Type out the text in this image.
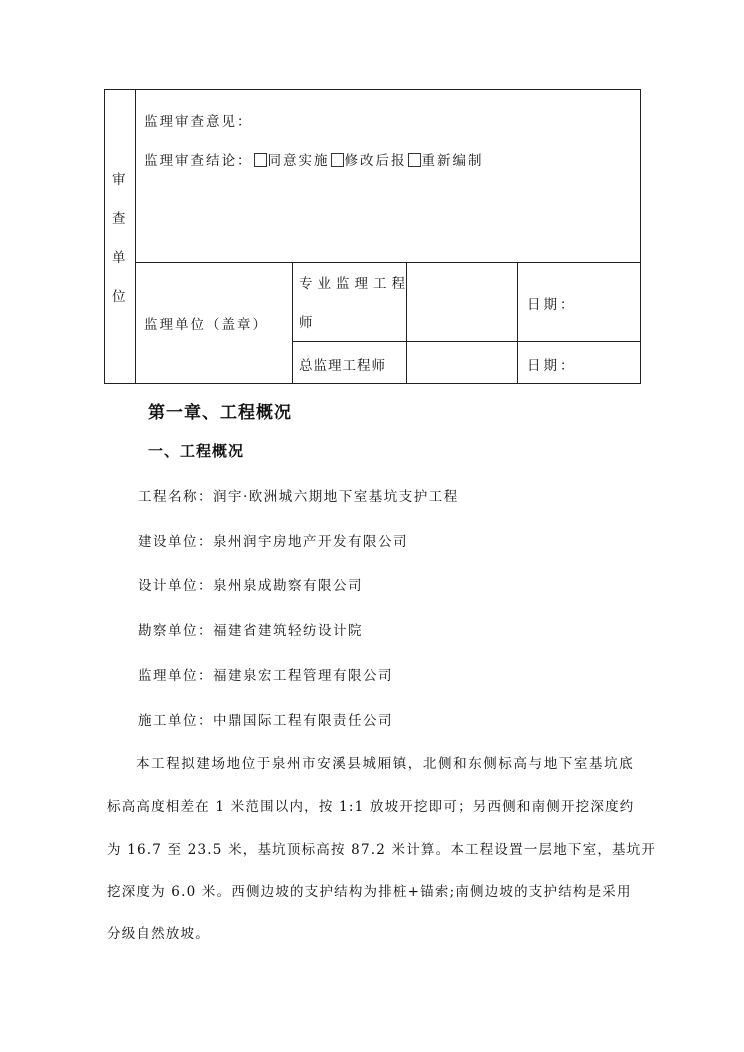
审
查
单
位
监理审查意见：
监理审查结论： 同意实施 修改后报 重新编制
监理单位（盖章）
专业监理工程
师
总监理工程师
日期：
日期：
第一章、工程概况
一、工程概况
工程名称：润宇·欧洲城六期地下室基坑支护工程
建设单位：泉州润宇房地产开发有限公司
设计单位：泉州泉成勘察有限公司
勘察单位：福建省建筑轻纺设计院
监理单位：福建泉宏工程管理有限公司
施工单位：中鼎国际工程有限责任公司
本工程拟建场地位于泉州市安溪县城厢镇，北侧和东侧标高与地下室基坑底
标高高度相差在 1 米范围以内，按 1:1 放坡开挖即可；另西侧和南侧开挖深度约
为 16.7 至 23.5 米，基坑顶标高按 87.2 米计算。本工程设置一层地下室，基坑开
挖深度为 6.0 米。西侧边坡的支护结构为排桩+锚索;南侧边坡的支护结构是采用
分级自然放坡。
